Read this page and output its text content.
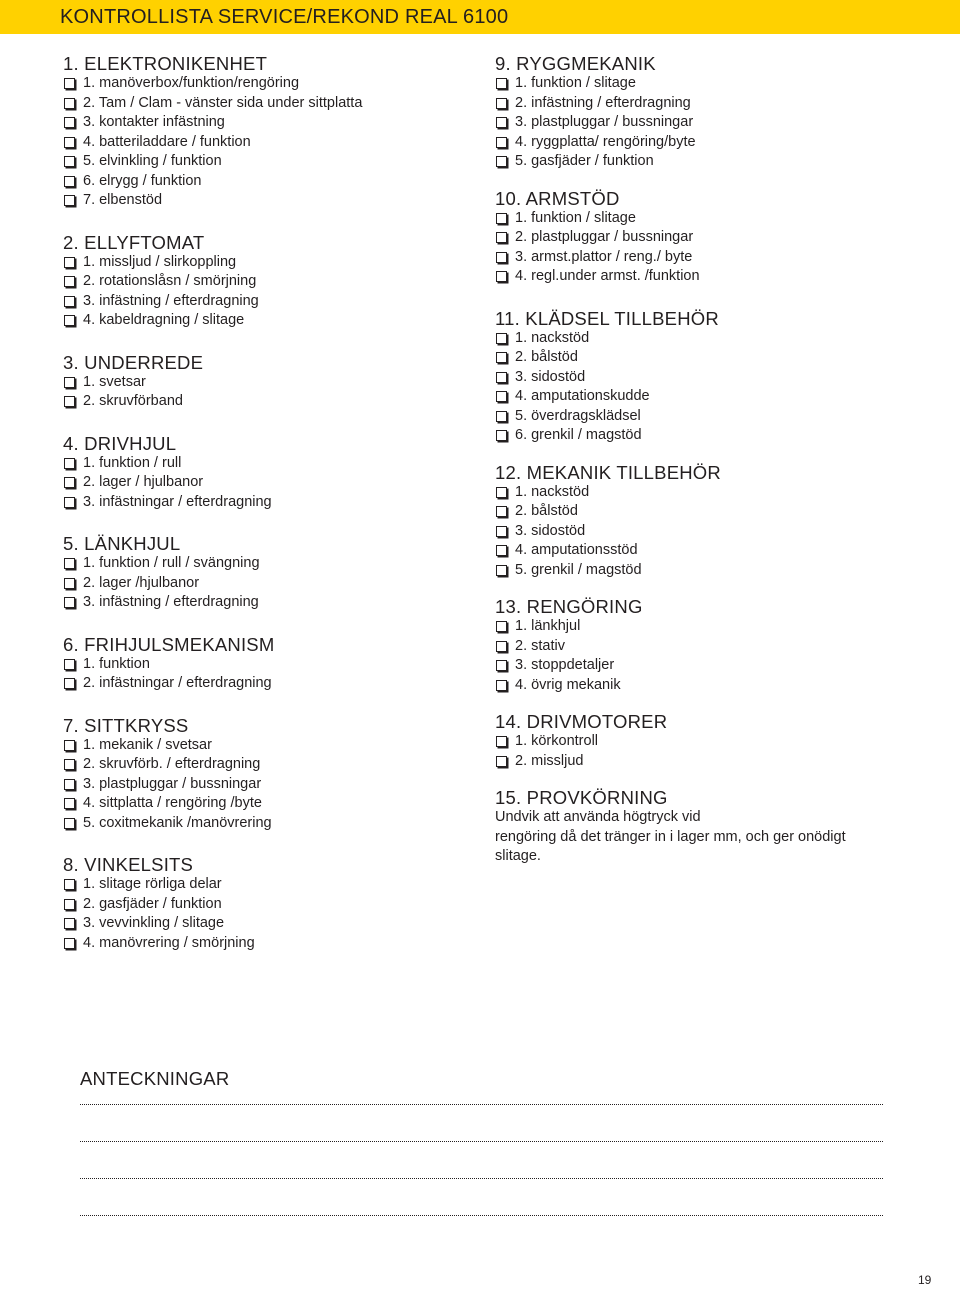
KONTROLLISTA SERVICE/REKOND REAL 6100
1. ELEKTRONIKENHET
1. manöverbox/funktion/rengöring
2. Tam / Clam - vänster sida under sittplatta
3. kontakter infästning
4. batteriladdare / funktion
5. elvinkling / funktion
6. elrygg / funktion
7. elbenstöd
2. ELLYFTOMAT
1. missljud / slirkoppling
2. rotationslåsn / smörjning
3. infästning / efterdragning
4. kabeldragning / slitage
3. UNDERREDE
1. svetsar
2. skruvförband
4. DRIVHJUL
1. funktion / rull
2. lager / hjulbanor
3. infästningar / efterdragning
5. LÄNKHJUL
1. funktion / rull / svängning
2. lager /hjulbanor
3. infästning / efterdragning
6. FRIHJULSMEKANISM
1. funktion
2. infästningar / efterdragning
7. SITTKRYSS
1. mekanik / svetsar
2. skruvförb. / efterdragning
3. plastpluggar / bussningar
4. sittplatta / rengöring /byte
5. coxitmekanik /manövrering
8. VINKELSITS
1. slitage rörliga delar
2. gasfjäder / funktion
3. vevvinkling / slitage
4. manövrering / smörjning
9. RYGGMEKANIK
1. funktion / slitage
2. infästning / efterdragning
3. plastpluggar / bussningar
4. ryggplatta/ rengöring/byte
5. gasfjäder / funktion
10. ARMSTÖD
1. funktion / slitage
2. plastpluggar / bussningar
3. armst.plattor / reng./ byte
4. regl.under armst. /funktion
11. KLÄDSEL TILLBEHÖR
1. nackstöd
2. bålstöd
3. sidostöd
4. amputationskudde
5. överdragsklädsel
6. grenkil / magstöd
12. MEKANIK TILLBEHÖR
1. nackstöd
2. bålstöd
3. sidostöd
4. amputationsstöd
5. grenkil / magstöd
13. RENGÖRING
1. länkhjul
2. stativ
3. stoppdetaljer
4. övrig mekanik
14. DRIVMOTORER
1. körkontroll
2. missljud
15. PROVKÖRNING
Undvik att använda högtryck vid
rengöring då det tränger in i lager mm, och ger onödigt
slitage.
ANTECKNINGAR
19
